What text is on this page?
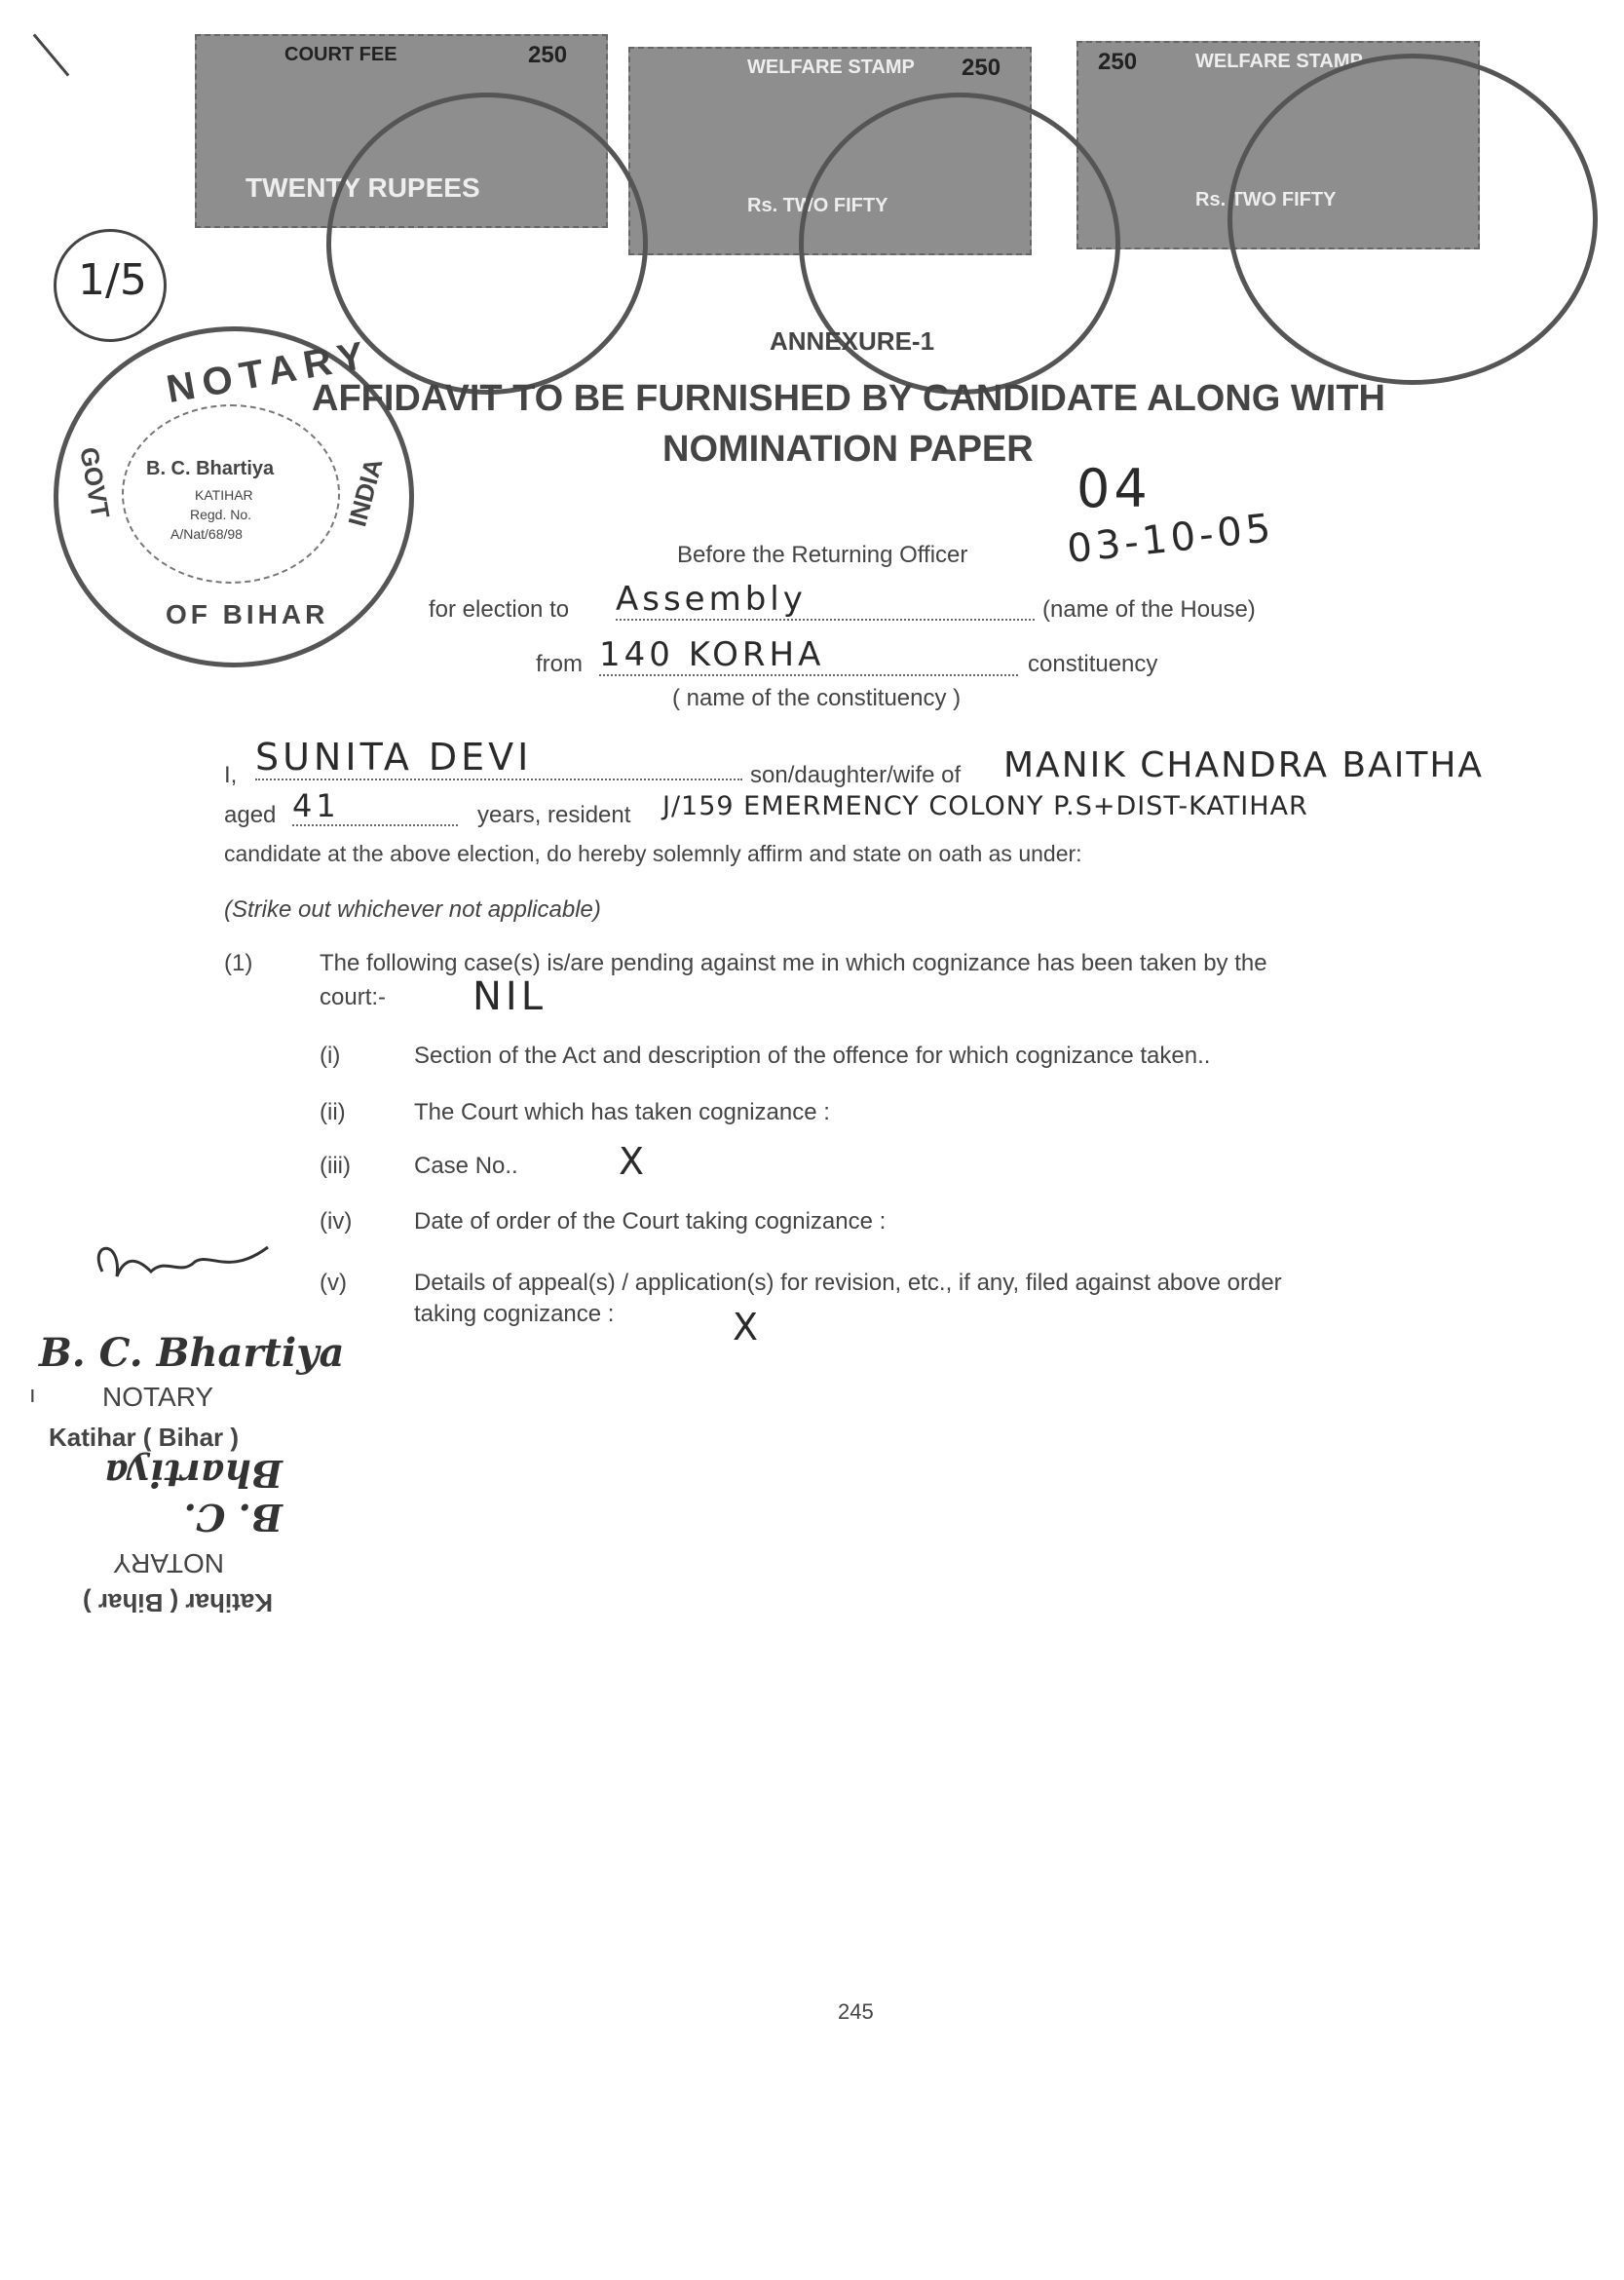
COURT FEE	250
TWENTY RUPEES
WELFARE STAMP 250
Rs. TWO FIFTY
WELFARE STAMP
250
Rs. TWO FIFTY
1/5
NOTARY
GOVT	INDIA
OF BIHAR
B. C. Bhartiya
KATIHAR
Regd. No.
A/Nat/68/98
ANNEXURE-1
AFFIDAVIT TO BE FURNISHED BY CANDIDATE ALONG WITH
NOMINATION PAPER
04
03-10-05
Before the Returning Officer
for election to Assembly	(name of the House)
from 140 KORHA	constituency
( name of the constituency )
I, SUNITA DEVI	son/daughter/wife of MANIK CHANDRA BAITHA
aged 41	years, resident J/159 EMERMENCY COLONY P.S+DIST-KATIHAR
candidate at the above election, do hereby solemnly affirm and state on oath as under:
(Strike out whichever not applicable)
(1)	The following case(s) is/are pending against me in which cognizance has been taken by the
court:- NIL
(i)	Section of the Act and description of the offence for which cognizance taken..
(ii)	The Court which has taken cognizance :
(iii)	Case No..	X
(iv)	Date of order of the Court taking cognizance :
(v)	Details of appeal(s) / application(s) for revision, etc., if any, filed against above order
taking cognizance :	X
B. C. Bhartiya
NOTARY
Katihar ( Bihar )
ı
Katihar ( Bihar )
NOTARY
B. C. Bhartiya
245
